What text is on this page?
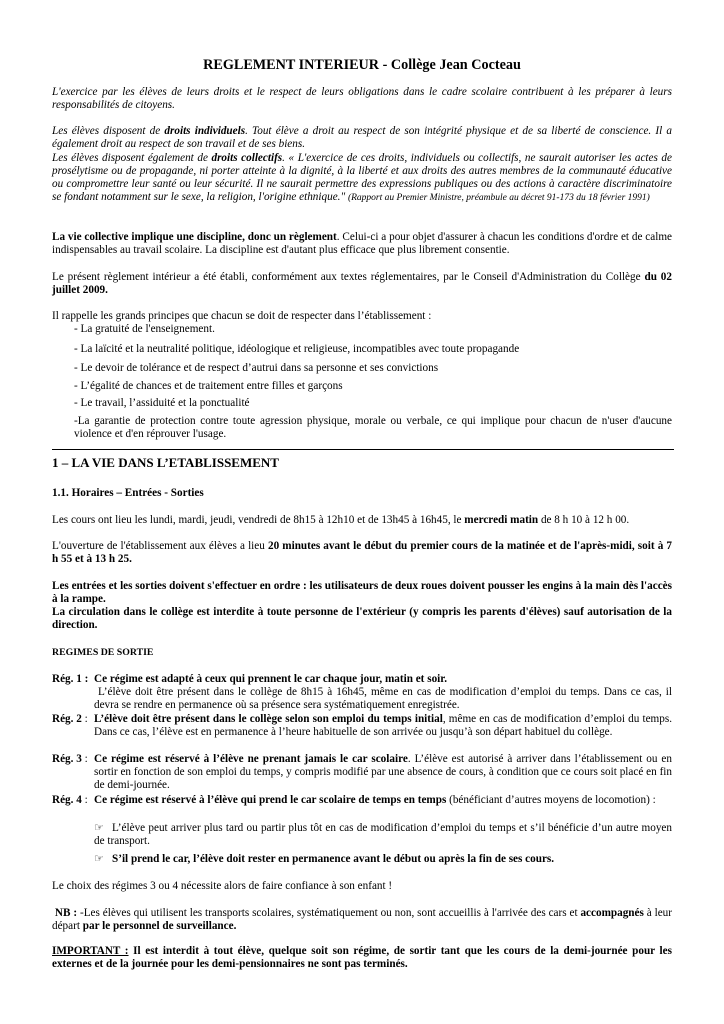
REGLEMENT INTERIEUR - Collège Jean Cocteau

L'exercice par les élèves de leurs droits et le respect de leurs obligations dans le cadre scolaire contribuent à les préparer à leurs responsabilités de citoyens.

Les élèves disposent de droits individuels. Tout élève a droit au respect de son intégrité physique et de sa liberté de conscience. Il a également droit au respect de son travail et de ses biens.

Les élèves disposent également de droits collectifs. « L'exercice de ces droits, individuels ou collectifs, ne saurait autoriser les actes de prosélytisme ou de propagande, ni porter atteinte à la dignité, à la liberté et aux droits des autres membres de la communauté éducative ou compromettre leur santé ou leur sécurité. Il ne saurait permettre des expressions publiques ou des actions à caractère discriminatoire se fondant notamment sur le sexe, la religion, l'origine ethnique." (Rapport au Premier Ministre, préambule au décret 91-173 du 18 février 1991)

La vie collective implique une discipline, donc un règlement. Celui-ci a pour objet d'assurer à chacun les conditions d'ordre et de calme indispensables au travail scolaire. La discipline est d'autant plus efficace que plus librement consentie.

Le présent règlement intérieur a été établi, conformément aux textes réglementaires, par le Conseil d'Administration du Collège du 02 juillet 2009.

Il rappelle les grands principes que chacun se doit de respecter dans l’établissement :

- La gratuité de l'enseignement.

- La laïcité et la neutralité politique, idéologique et religieuse, incompatibles avec toute propagande

- Le devoir de tolérance et de respect d’autrui dans sa personne et ses convictions

- L’égalité de chances et de traitement entre filles et garçons

- Le travail, l’assiduité et la ponctualité

-La garantie de protection contre toute agression physique, morale ou verbale, ce qui implique pour chacun de n'user d'aucune violence et d'en réprouver l'usage.

1 – LA VIE DANS L’ETABLISSEMENT

1.1. Horaires – Entrées - Sorties

Les cours ont lieu les lundi, mardi, jeudi, vendredi de 8h15 à 12h10 et de 13h45 à 16h45, le mercredi matin de 8 h 10 à 12 h 00.

L'ouverture de l'établissement aux élèves a lieu 20 minutes avant le début du premier cours de la matinée et de l'après-midi, soit à 7 h 55 et à 13 h 25.

Les entrées et les sorties doivent s'effectuer en ordre : les utilisateurs de deux roues doivent pousser les engins à la main dès l'accès à la rampe.

La circulation dans le collège est interdite à toute personne de l'extérieur (y compris les parents d'élèves) sauf autorisation de la direction.

REGIMES DE SORTIE

Rég. 1 : Ce régime est adapté à ceux qui prennent le car chaque jour, matin et soir.
L’élève doit être présent dans le collège de 8h15 à 16h45, même en cas de modification d’emploi du temps. Dans ce cas, il devra se rendre en permanence où sa présence sera systématiquement enregistrée.
Rég. 2 : L’élève doit être présent dans le collège selon son emploi du temps initial, même en cas de modification d’emploi du temps. Dans ce cas, l’élève est en permanence à l’heure habituelle de son arrivée ou jusqu’à son départ habituel du collège.
Rég. 3 : Ce régime est réservé à l’élève ne prenant jamais le car scolaire. L’élève est autorisé à arriver dans l’établissement ou en sortir en fonction de son emploi du temps, y compris modifié par une absence de cours, à condition que ce cours soit placé en fin de demi-journée.
Rég. 4 : Ce régime est réservé à l’élève qui prend le car scolaire de temps en temps (bénéficiant d’autres moyens de locomotion) :

☞ L’élève peut arriver plus tard ou partir plus tôt en cas de modification d’emploi du temps et s’il bénéficie d’un autre moyen de transport.

☞ S’il prend le car, l’élève doit rester en permanence avant le début ou après la fin de ses cours.

Le choix des régimes 3 ou 4 nécessite alors de faire confiance à son enfant !

NB : -Les élèves qui utilisent les transports scolaires, systématiquement ou non, sont accueillis à l'arrivée des cars et accompagnés à leur départ par le personnel de surveillance.

IMPORTANT : Il est interdit à tout élève, quelque soit son régime, de sortir tant que les cours de la demi-journée pour les externes et de la journée pour les demi-pensionnaires ne sont pas terminés.
